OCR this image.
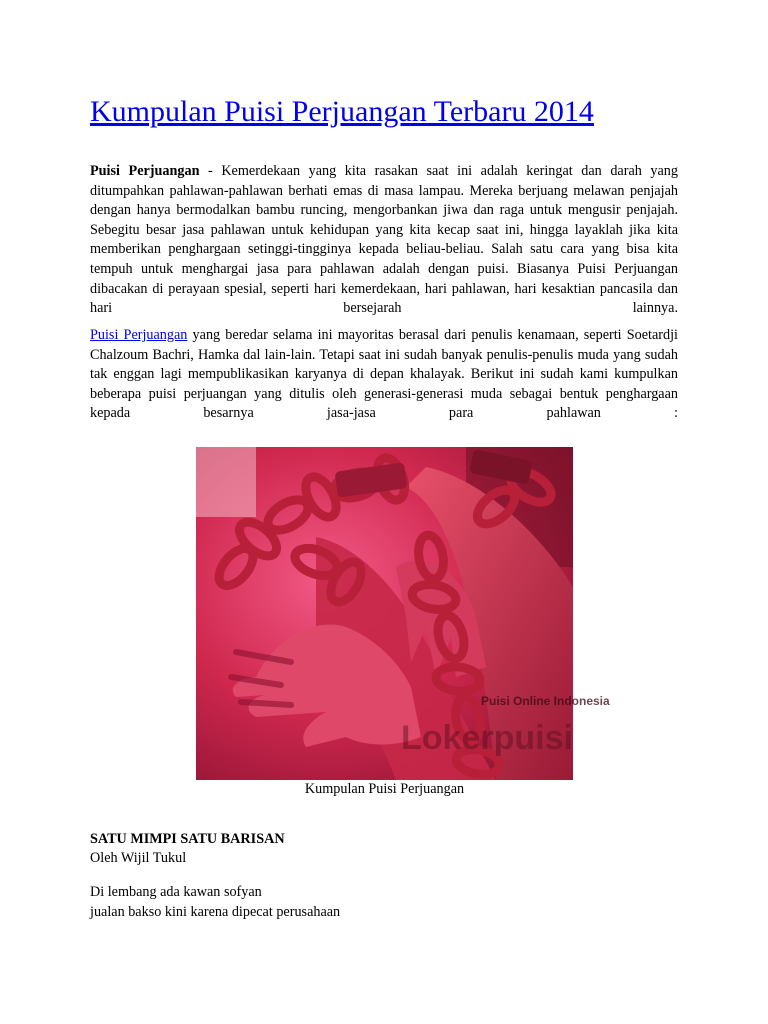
Kumpulan Puisi Perjuangan Terbaru 2014

Puisi Perjuangan - Kemerdekaan yang kita rasakan saat ini adalah keringat dan darah yang ditumpahkan pahlawan-pahlawan berhati emas di masa lampau. Mereka berjuang melawan penjajah dengan hanya bermodalkan bambu runcing, mengorbankan jiwa dan raga untuk mengusir penjajah. Sebegitu besar jasa pahlawan untuk kehidupan yang kita kecap saat ini, hingga layaklah jika kita memberikan penghargaan setinggi-tingginya kepada beliau-beliau. Salah satu cara yang bisa kita tempuh untuk menghargai jasa para pahlawan adalah dengan puisi. Biasanya Puisi Perjuangan dibacakan di perayaan spesial, seperti hari kemerdekaan, hari pahlawan, hari kesaktian pancasila dan hari bersejarah lainnya.

Puisi Perjuangan yang beredar selama ini mayoritas berasal dari penulis kenamaan, seperti Soetardji Chalzoum Bachri, Hamka dal lain-lain. Tetapi saat ini sudah banyak penulis-penulis muda yang sudah tak enggan lagi mempublikasikan karyanya di depan khalayak. Berikut ini sudah kami kumpulkan beberapa puisi perjuangan yang ditulis oleh generasi-generasi muda sebagai bentuk penghargaan kepada besarnya jasa-jasa para pahlawan :

Puisi Online Indonesia
Lokerpuisi
Kumpulan Puisi Perjuangan
SATU MIMPI SATU BARISAN
Oleh Wijil Tukul
Di lembang ada kawan sofyan
jualan bakso kini karena dipecat perusahaan
